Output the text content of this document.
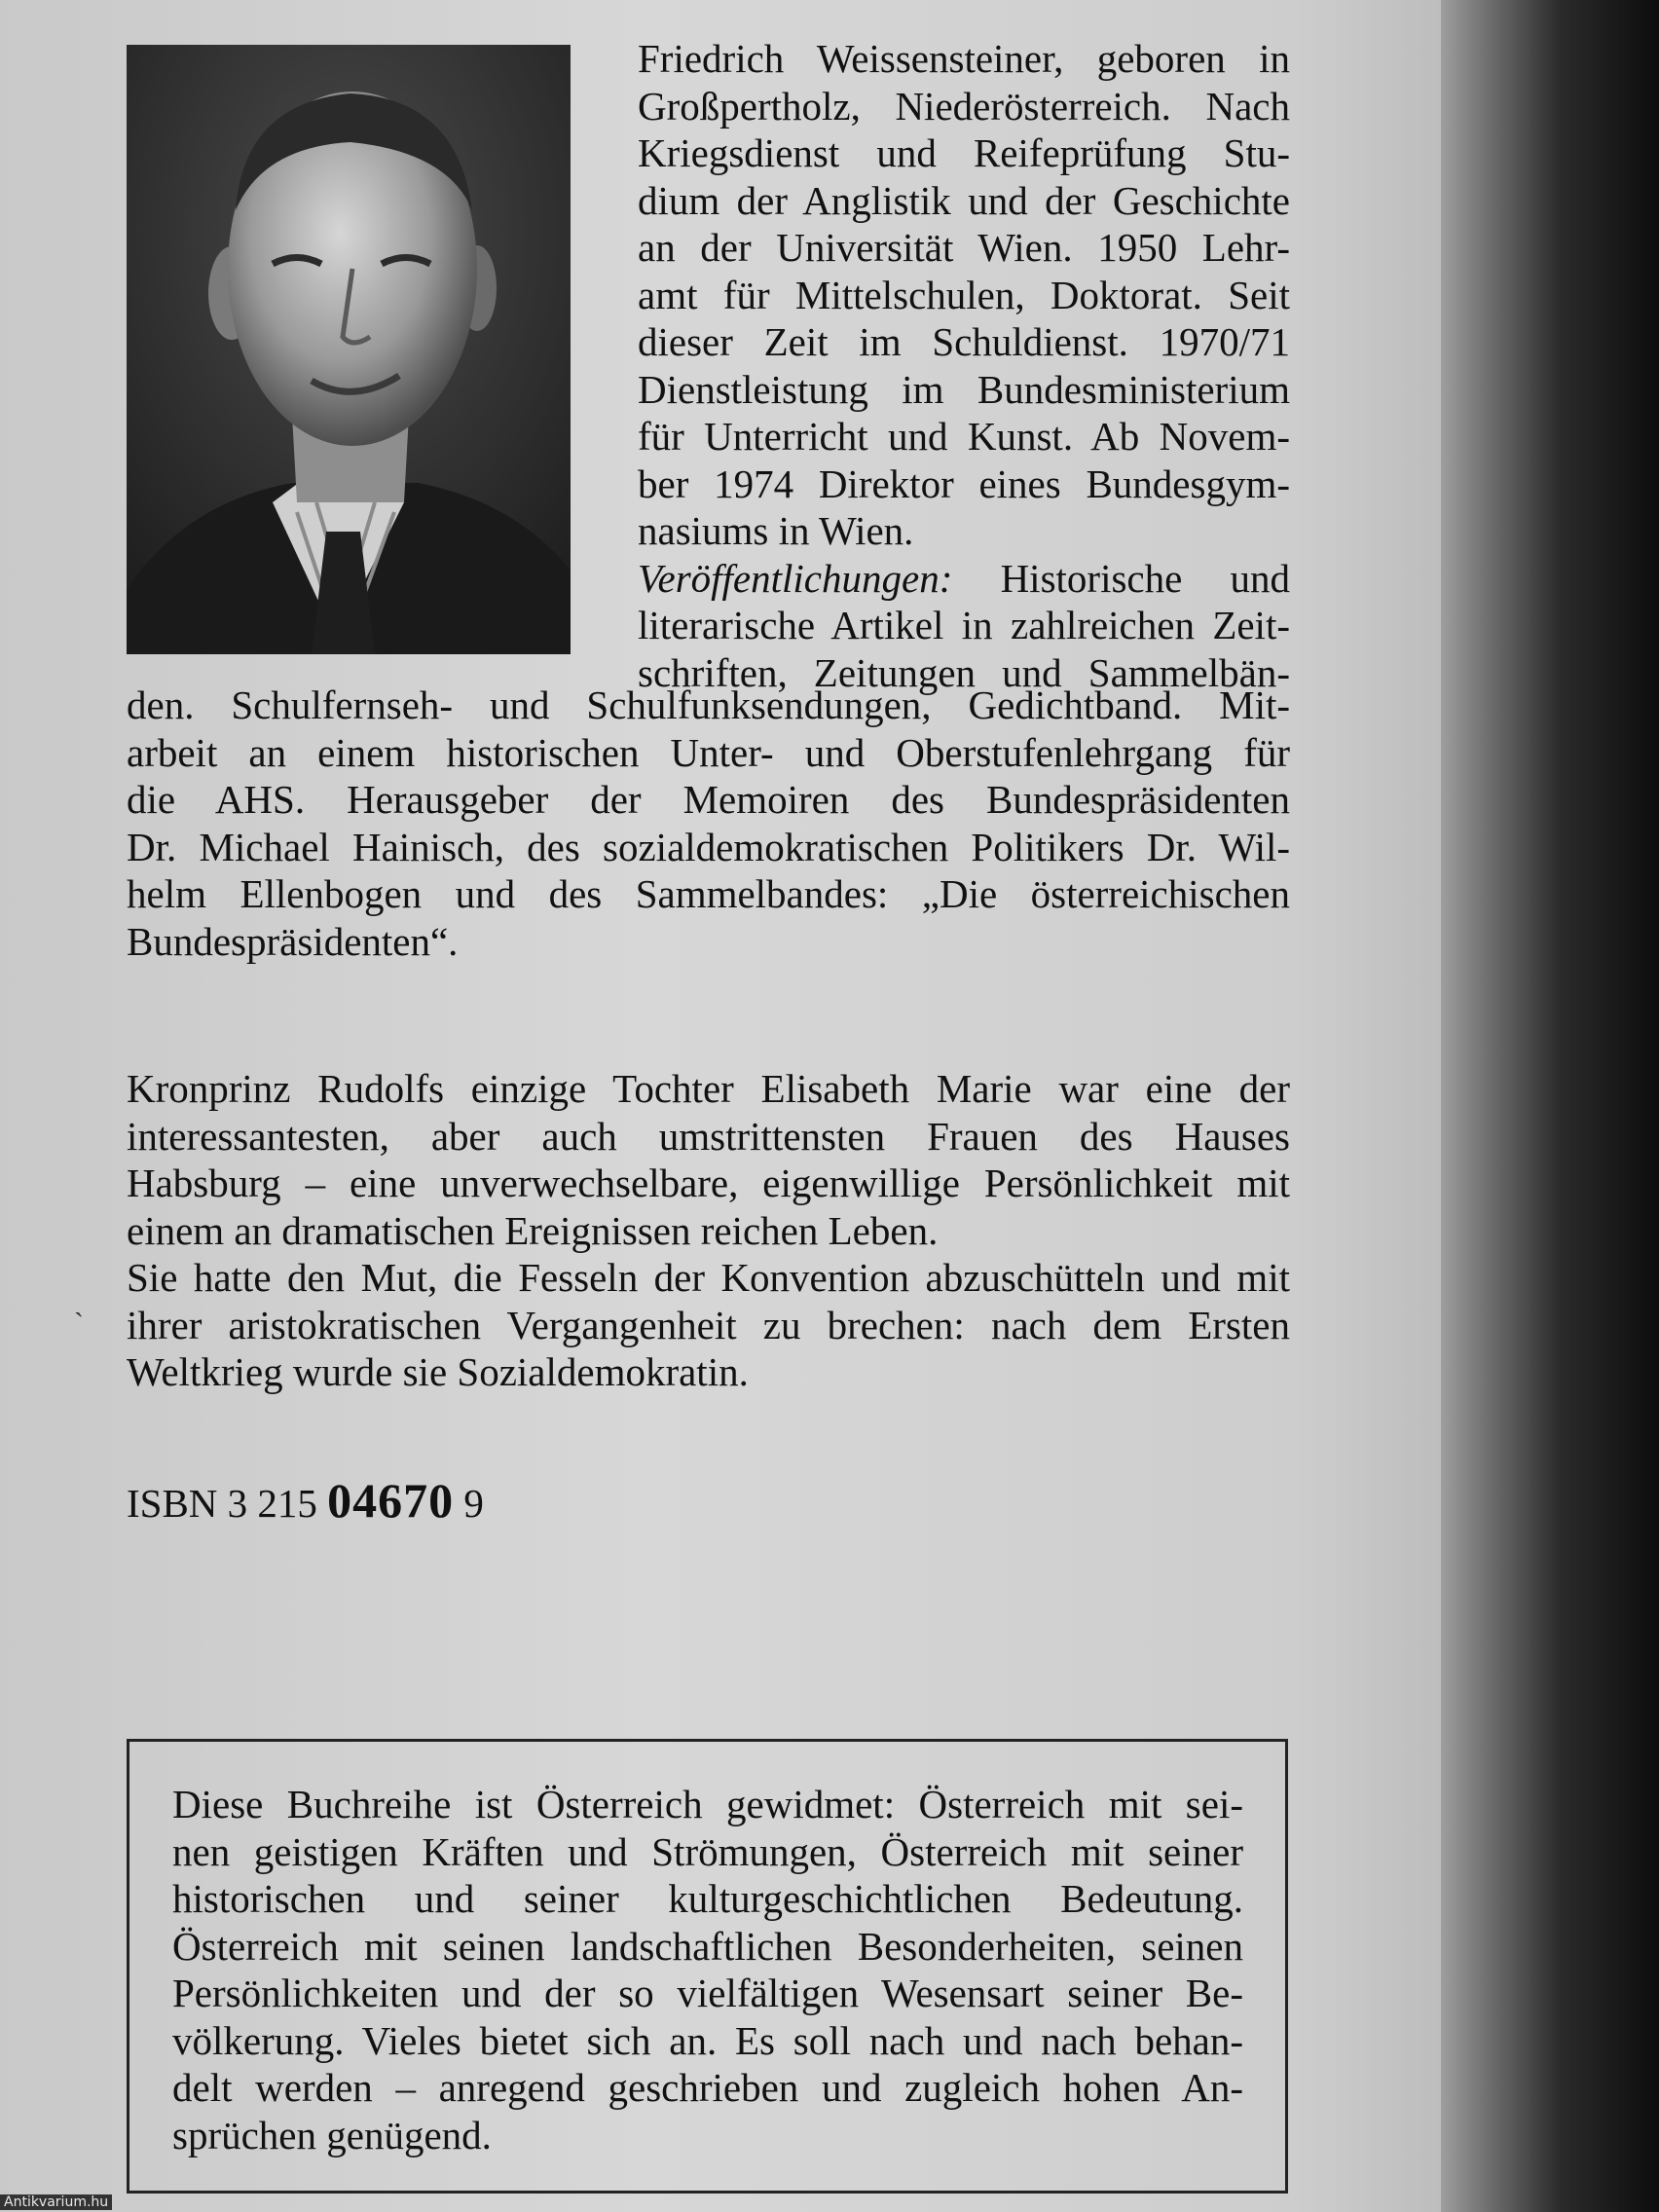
Friedrich Weissensteiner, geboren in
Großpertholz, Niederösterreich. Nach
Kriegsdienst und Reifeprüfung Stu-
dium der Anglistik und der Geschichte
an der Universität Wien. 1950 Lehr-
amt für Mittelschulen, Doktorat. Seit
dieser Zeit im Schuldienst. 1970/71
Dienstleistung im Bundesministerium
für Unterricht und Kunst. Ab Novem-
ber 1974 Direktor eines Bundesgym-
nasiums in Wien.
Veröffentlichungen: Historische und
literarische Artikel in zahlreichen Zeit-
schriften, Zeitungen und Sammelbän-
den. Schulfernseh- und Schulfunksendungen, Gedichtband. Mit-
arbeit an einem historischen Unter- und Oberstufenlehrgang für
die AHS. Herausgeber der Memoiren des Bundespräsidenten
Dr. Michael Hainisch, des sozialdemokratischen Politikers Dr. Wil-
helm Ellenbogen und des Sammelbandes: „Die österreichischen
Bundespräsidenten“.
ˏ
Kronprinz Rudolfs einzige Tochter Elisabeth Marie war eine der
interessantesten, aber auch umstrittensten Frauen des Hauses
Habsburg – eine unverwechselbare, eigenwillige Persönlichkeit mit
einem an dramatischen Ereignissen reichen Leben.
Sie hatte den Mut, die Fesseln der Konvention abzuschütteln und mit
ihrer aristokratischen Vergangenheit zu brechen: nach dem Ersten
Weltkrieg wurde sie Sozialdemokratin.
ISBN 3 215 04670 9
Diese Buchreihe ist Österreich gewidmet: Österreich mit sei-
nen geistigen Kräften und Strömungen, Österreich mit seiner
historischen und seiner kulturgeschichtlichen Bedeutung.
Österreich mit seinen landschaftlichen Besonderheiten, seinen
Persönlichkeiten und der so vielfältigen Wesensart seiner Be-
völkerung. Vieles bietet sich an. Es soll nach und nach behan-
delt werden – anregend geschrieben und zugleich hohen An-
sprüchen genügend.
Antikvarium.hu
